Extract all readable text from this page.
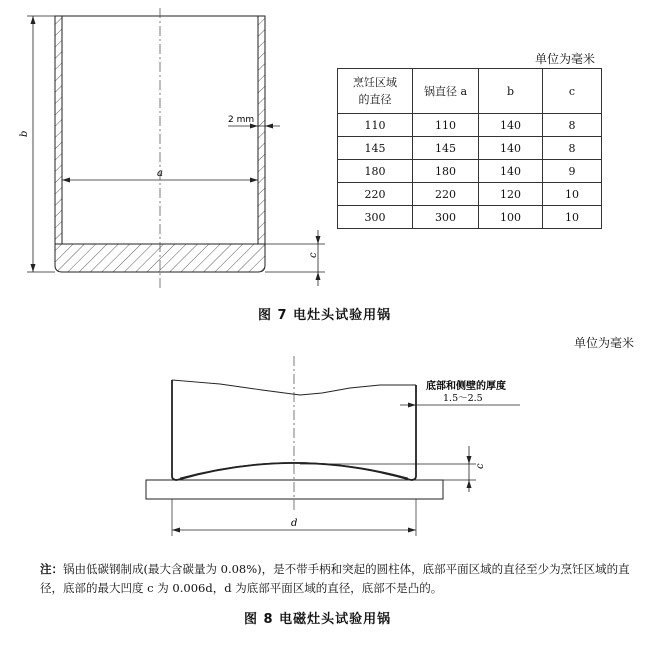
a
b
2 mm
c
单位为毫米
烹饪区域
的直径	锅直径 a	b	c
110	110	140	8
145	145	140	8
180	180	140	9
220	220	120	10
300	300	100	10
图 7 电灶头试验用锅
单位为毫米
底部和侧壁的厚度
1.5～2.5
c
d
注：锅由低碳钢制成(最大含碳量为 0.08%)，是不带手柄和突起的圆柱体，底部平面区域的直径至少为烹饪区域的直径，底部的最大凹度 c 为 0.006d，d 为底部平面区域的直径，底部不是凸的。
图 8 电磁灶头试验用锅
